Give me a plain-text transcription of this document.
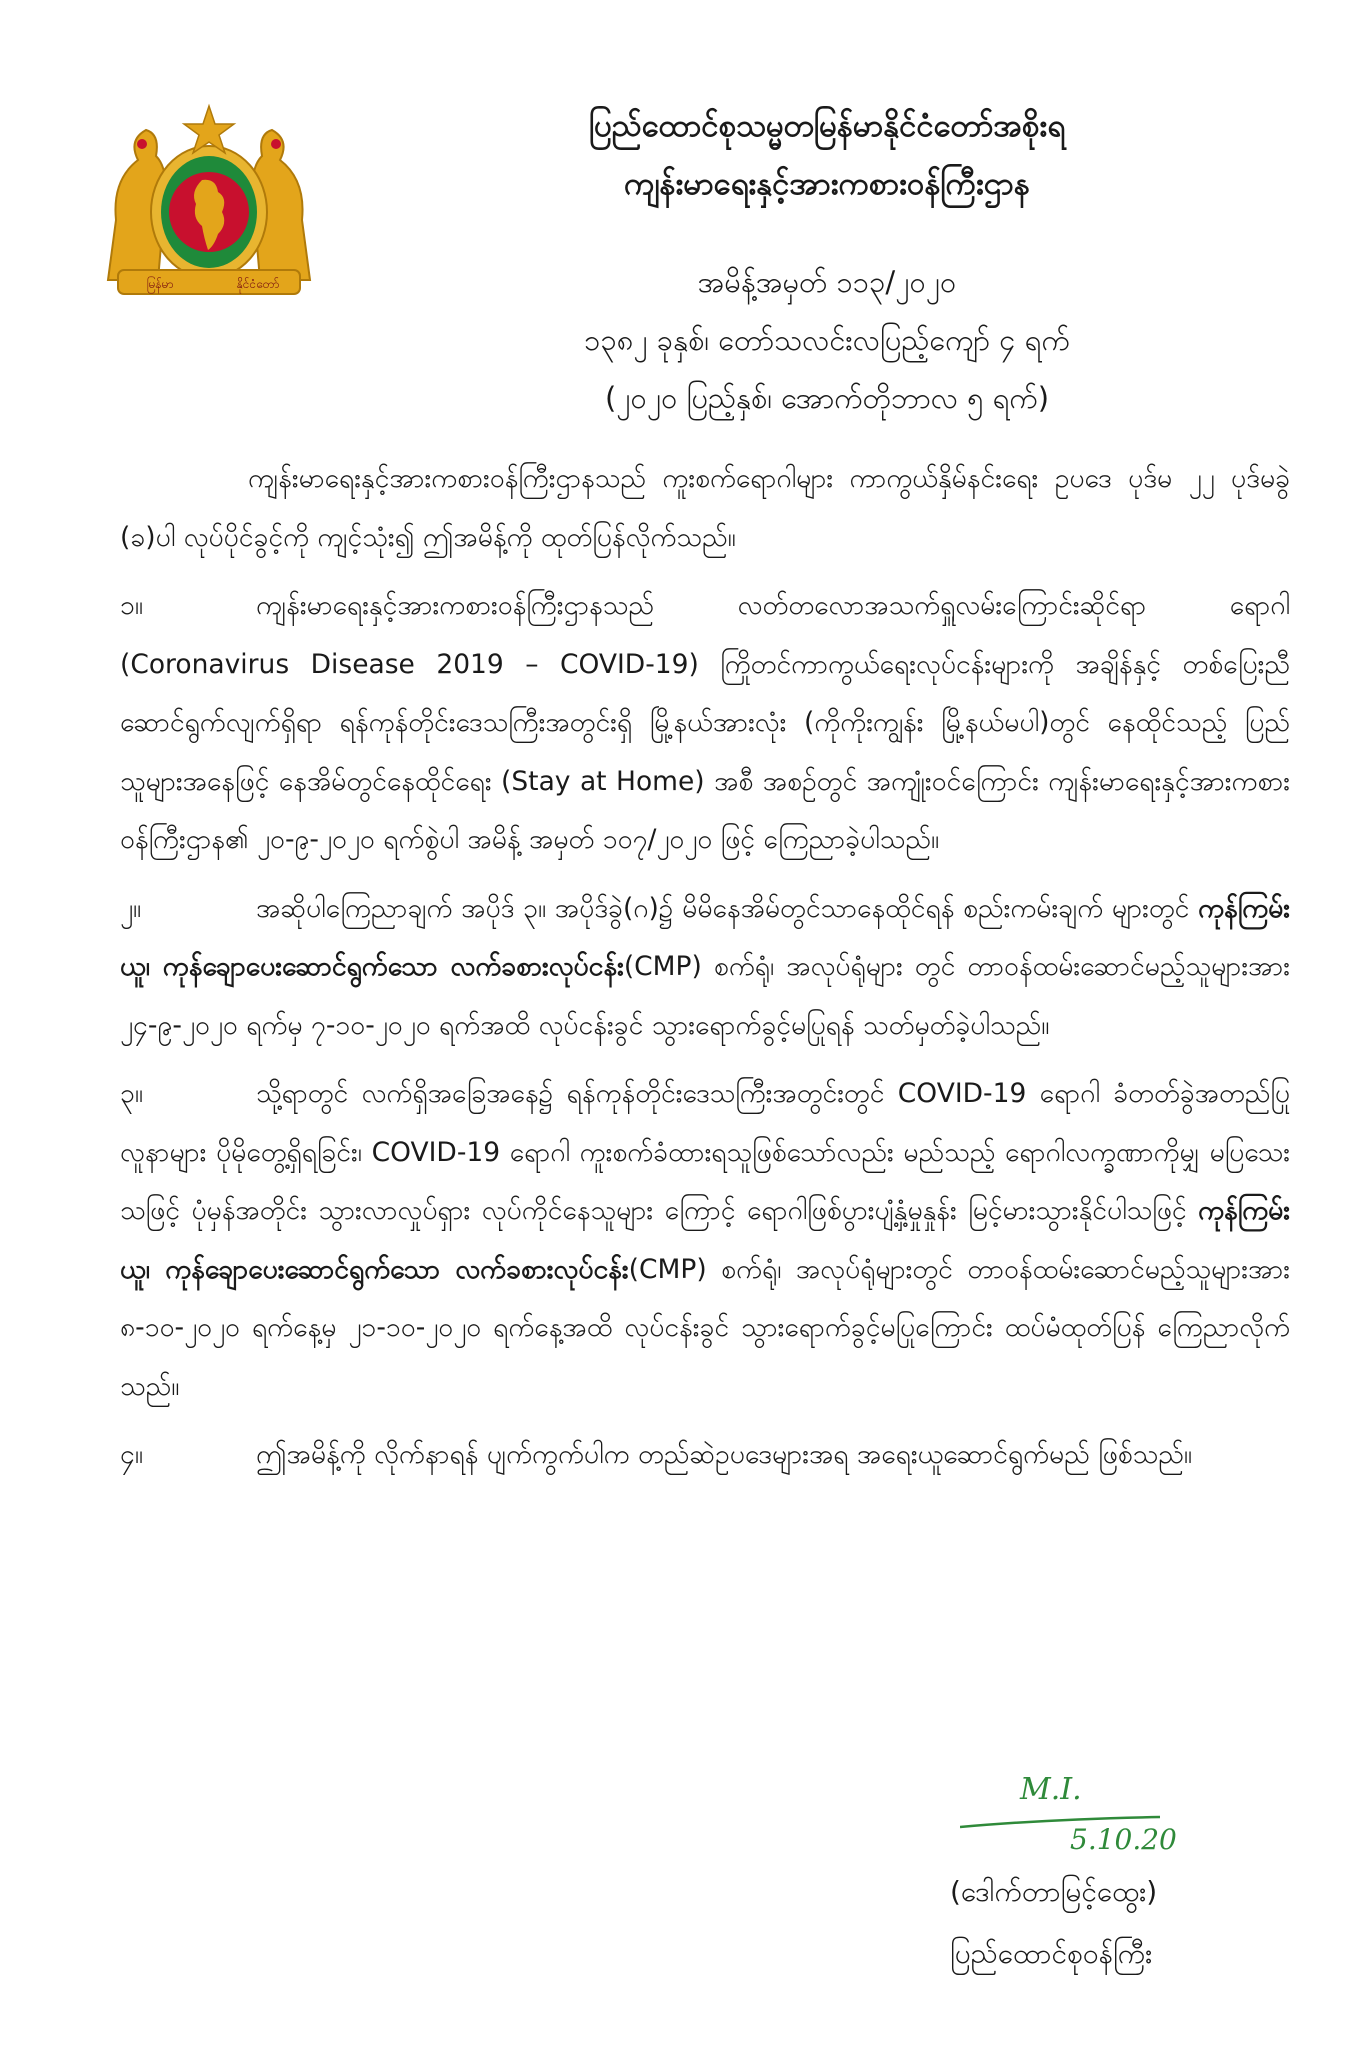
မြန်မာ	နိုင်ငံတော်
ပြည်ထောင်စုသမ္မတမြန်မာနိုင်ငံတော်အစိုးရ
ကျန်းမာရေးနှင့်အားကစားဝန်ကြီးဌာန
အမိန့်အမှတ် ၁၁၃/၂၀၂၀
၁၃၈၂ ခုနှစ်၊ တော်သလင်းလပြည့်ကျော် ၄ ရက်
(၂၀၂၀ ပြည့်နှစ်၊ အောက်တိုဘာလ ၅ ရက်)

ကျန်းမာရေးနှင့်အားကစားဝန်ကြီးဌာနသည် ကူးစက်ရောဂါများ ကာကွယ်နှိမ်နင်းရေး ဥပဒေ ပုဒ်မ ၂၂ ပုဒ်မခွဲ (ခ)ပါ လုပ်ပိုင်ခွင့်ကို ကျင့်သုံး၍ ဤအမိန့်ကို ထုတ်ပြန်လိုက်သည်။

၁။	ကျန်းမာရေးနှင့်အားကစားဝန်ကြီးဌာနသည် လတ်တလောအသက်ရှူလမ်းကြောင်းဆိုင်ရာ ရောဂါ (Coronavirus Disease 2019 – COVID-19) ကြိုတင်ကာကွယ်ရေးလုပ်ငန်းများကို အချိန်နှင့် တစ်ပြေးညီ ဆောင်ရွက်လျက်ရှိရာ ရန်ကုန်တိုင်းဒေသကြီးအတွင်းရှိ မြို့နယ်အားလုံး (ကိုကိုးကျွန်း မြို့နယ်မပါ)တွင် နေထိုင်သည့် ပြည်သူများအနေဖြင့် နေအိမ်တွင်နေထိုင်ရေး (Stay at Home) အစီ အစဉ်တွင် အကျုံးဝင်ကြောင်း ကျန်းမာရေးနှင့်အားကစားဝန်ကြီးဌာန၏ ၂၀-၉-၂၀၂၀ ရက်စွဲပါ အမိန့် အမှတ် ၁၀၇/၂၀၂၀ ဖြင့် ကြေညာခဲ့ပါသည်။

၂။	အဆိုပါကြေညာချက် အပိုဒ် ၃။ အပိုဒ်ခွဲ(ဂ)၌ မိမိနေအိမ်တွင်သာနေထိုင်ရန် စည်းကမ်းချက် များတွင် ကုန်ကြမ်းယူ၊ ကုန်ချောပေးဆောင်ရွက်သော လက်ခစားလုပ်ငန်း(CMP) စက်ရုံ၊ အလုပ်ရုံများ တွင် တာဝန်ထမ်းဆောင်မည့်သူများအား ၂၄-၉-၂၀၂၀ ရက်မှ ၇-၁၀-၂၀၂၀ ရက်အထိ လုပ်ငန်းခွင် သွားရောက်ခွင့်မပြုရန် သတ်မှတ်ခဲ့ပါသည်။

၃။	သို့ရာတွင် လက်ရှိအခြေအနေ၌ ရန်ကုန်တိုင်းဒေသကြီးအတွင်းတွင် COVID-19 ရောဂါ ခံတတ်ခွဲအတည်ပြုလူနာများ ပိုမိုတွေ့ရှိရခြင်း၊ COVID-19 ရောဂါ ကူးစက်ခံထားရသူဖြစ်သော်လည်း မည်သည့် ရောဂါလက္ခဏာကိုမျှ မပြသေးသဖြင့် ပုံမှန်အတိုင်း သွားလာလှုပ်ရှား လုပ်ကိုင်နေသူများ ကြောင့် ရောဂါဖြစ်ပွားပျံ့နှံ့မှုနှုန်း မြင့်မားသွားနိုင်ပါသဖြင့် ကုန်ကြမ်းယူ၊ ကုန်ချောပေးဆောင်ရွက်သော လက်ခစားလုပ်ငန်း(CMP) စက်ရုံ၊ အလုပ်ရုံများတွင် တာဝန်ထမ်းဆောင်မည့်သူများအား ၈-၁၀-၂၀၂၀ ရက်နေ့မှ ၂၁-၁၀-၂၀၂၀ ရက်နေ့အထိ လုပ်ငန်းခွင် သွားရောက်ခွင့်မပြုကြောင်း ထပ်မံထုတ်ပြန် ကြေညာလိုက်သည်။

၄။	ဤအမိန့်ကို လိုက်နာရန် ပျက်ကွက်ပါက တည်ဆဲဥပဒေများအရ အရေးယူဆောင်ရွက်မည် ဖြစ်သည်။

M.I.
5.10.20
(ဒေါက်တာမြင့်ထွေး)
ပြည်ထောင်စုဝန်ကြီး
